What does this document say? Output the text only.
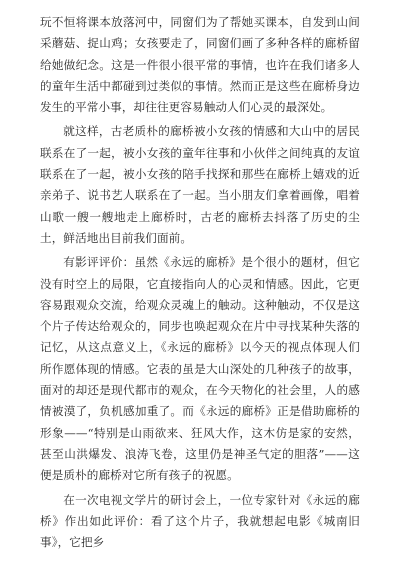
玩不恒将课本放落河中，同窗们为了帮她买课本，自发到山间采蘑菇、捉山鸡；女孩要走了，同窗们画了多种各样的廊桥留给她做纪念。这是一件很小很平常的事情，也许在我们诸多人的童年生活中都碰到过类似的事情。然而正是这些在廊桥身边发生的平常小事，却往往更容易触动人们心灵的最深处。

就这样，古老质朴的廊桥被小女孩的情感和大山中的居民联系在了一起，被小女孩的童年往事和小伙伴之间纯真的友谊联系在了一起，被小女孩的陪手找探和那些在廊桥上嬉戏的近亲弟子、说书艺人联系在了一起。当小朋友们拿着画像，唱着山歌一艘一艘地走上廊桥时，古老的廊桥去抖落了历史的尘土，鲜活地出目前我们面前。

有影评评价：虽然《永远的廊桥》是个很小的题材，但它没有时空上的局限，它直接指向人的心灵和情感。因此，它更容易跟观众交流，给观众灵魂上的触动。这种触动，不仅是这个片子传达给观众的，同步也唤起观众在片中寻找某种失落的记忆，从这点意义上，《永远的廊桥》以今天的视点体现人们所作愿体现的情感。它表的虽是大山深处的几种孩子的故事，面对的却还是现代都市的观众，在今天物化的社会里，人的感情被漠了，负机感加重了。而《永远的廊桥》正是借助廊桥的形象——“特别是山雨欲来、狂风大作，这木仿是家的安然，甚至山洪爆发、浪涛飞卷，这里仍是神圣气定的胆落”——这便是质朴的廊桥对它所有孩子的祝愿。

在一次电视文学片的研讨会上，一位专家针对《永远的廊桥》作出如此评价：看了这个片子，我就想起电影《城南旧事》，它把乡
